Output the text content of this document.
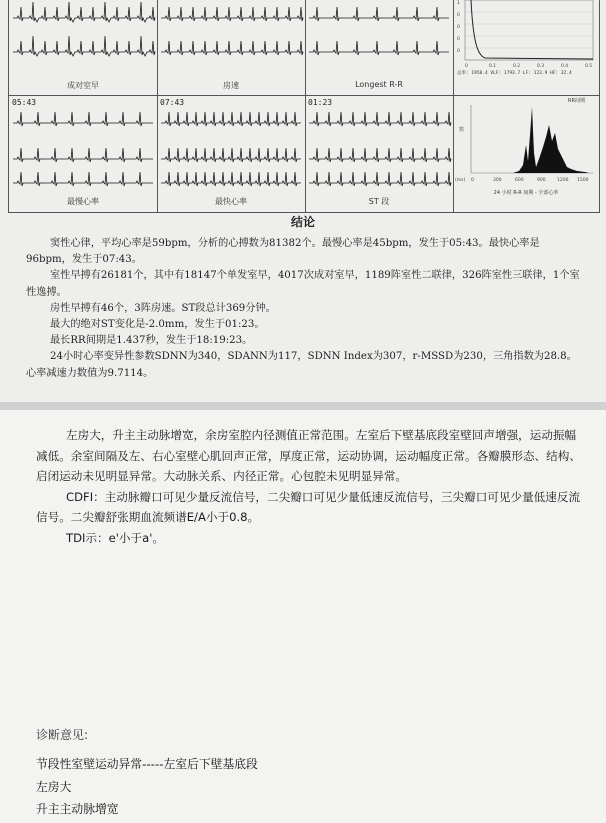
成对室早	房速	Longest R-R
1
0
0
0
0
0	0.1	0.2	0.3	0.4	0.5
总率: 1958.4 VLF: 1793.7 LF: 123.9 HF: 32.4
05:43
最慢心率
07:43
最快心率
01:23
ST 段
RR间期
数
(ms) 0	300	600	900	1200 1500
24 小时 R-R 间期 - 全部心率
结论

窦性心律，平均心率是59bpm，分析的心搏数为81382个。最慢心率是45bpm，发生于05:43。最快心率是96bpm，发生于07:43。

室性早搏有26181个，其中有18147个单发室早，4017次成对室早，1189阵室性二联律，326阵室性三联律，1个室性逸搏。

房性早搏有46个，3阵房速。ST段总计369分钟。

最大的绝对ST变化是-2.0mm，发生于01:23。

最长RR间期是1.437秒，发生于18:19:23。

24小时心率变异性参数SDNN为340，SDANN为117，SDNN Index为307，r-MSSD为230，三角指数为28.8。心率减速力数值为9.7114。

左房大，升主主动脉增宽，余房室腔内径测值正常范围。左室后下壁基底段室壁回声增强，运动振幅减低。余室间隔及左、右心室壁心肌回声正常，厚度正常，运动协调，运动幅度正常。各瓣膜形态、结构、启闭运动未见明显异常。大动脉关系、内径正常。心包腔未见明显异常。

CDFI：主动脉瓣口可见少量反流信号，二尖瓣口可见少量低速反流信号，三尖瓣口可见少量低速反流信号。二尖瓣舒张期血流频谱E/A小于0.8。

TDI示：e'小于a'。

诊断意见:
节段性室壁运动异常-----左室后下壁基底段
左房大
升主主动脉增宽
